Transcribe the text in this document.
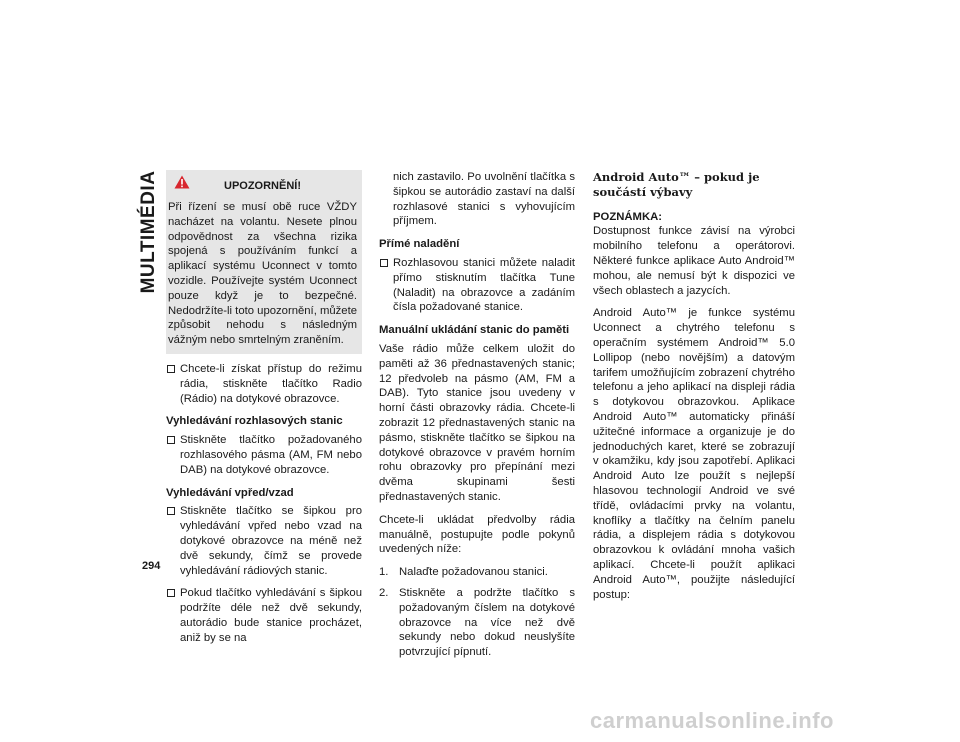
MULTIMÉDIA
294
UPOZORNĚNÍ!
Při řízení se musí obě ruce VŽDY nacházet na volantu. Nesete plnou odpovědnost za všechna rizika spojená s používáním funkcí a aplikací systému Uconnect v tomto vozidle. Používejte systém Uconnect pouze když je to bezpečné. Nedodržíte-li toto upozornění, můžete způsobit nehodu s následným vážným nebo smrtelným zraněním.
Chcete-li získat přístup do režimu rádia, stiskněte tlačítko Radio (Rádio) na dotykové obrazovce.
Vyhledávání rozhlasových stanic
Stiskněte tlačítko požadovaného rozhlasového pásma (AM, FM nebo DAB) na dotykové obrazovce.
Vyhledávání vpřed/vzad
Stiskněte tlačítko se šipkou pro vyhledávání vpřed nebo vzad na dotykové obrazovce na méně než dvě sekundy, čímž se provede vyhledávání rádiových stanic.
Pokud tlačítko vyhledávání s šipkou podržíte déle než dvě sekundy, autorádio bude stanice procházet, aniž by se na

nich zastavilo. Po uvolnění tlačítka s šipkou se autorádio zastaví na další rozhlasové stanici s vyhovujícím příjmem.

Přímé naladění
Rozhlasovou stanici můžete naladit přímo stisknutím tlačítka Tune (Naladit) na obrazovce a zadáním čísla požadované stanice.
Manuální ukládání stanic do paměti

Vaše rádio může celkem uložit do paměti až 36 přednastavených stanic; 12 předvoleb na pásmo (AM, FM a DAB). Tyto stanice jsou uvedeny v horní části obrazovky rádia. Chcete-li zobrazit 12 přednastavených stanic na pásmo, stiskněte tlačítko se šipkou na dotykové obrazovce v pravém horním rohu obrazovky pro přepínání mezi dvěma skupinami šesti přednastavených stanic.

Chcete-li ukládat předvolby rádia manuálně, postupujte podle pokynů uvedených níže:

1. Nalaďte požadovanou stanici.
2. Stiskněte a podržte tlačítko s požadovaným číslem na dotykové obrazovce na více než dvě sekundy nebo dokud neuslyšíte potvrzující pípnutí.
Android Auto™ – pokud je součástí výbavy
POZNÁMKA:

Dostupnost funkce závisí na výrobci mobilního telefonu a operátorovi. Některé funkce aplikace Auto Android™ mohou, ale nemusí být k dispozici ve všech oblastech a jazycích.

Android Auto™ je funkce systému Uconnect a chytrého telefonu s operačním systémem Android™ 5.0 Lollipop (nebo novějším) a datovým tarifem umožňujícím zobrazení chytrého telefonu a jeho aplikací na displeji rádia s dotykovou obrazovkou. Aplikace Android Auto™ automaticky přináší užitečné informace a organizuje je do jednoduchých karet, které se zobrazují v okamžiku, kdy jsou zapotřebí. Aplikaci Android Auto lze použít s nejlepší hlasovou technologií Android ve své třídě, ovládacími prvky na volantu, knoflíky a tlačítky na čelním panelu rádia, a displejem rádia s dotykovou obrazovkou k ovládání mnoha vašich aplikací. Chcete-li použít aplikaci Android Auto™, použijte následující postup:

carmanualsonline.info
